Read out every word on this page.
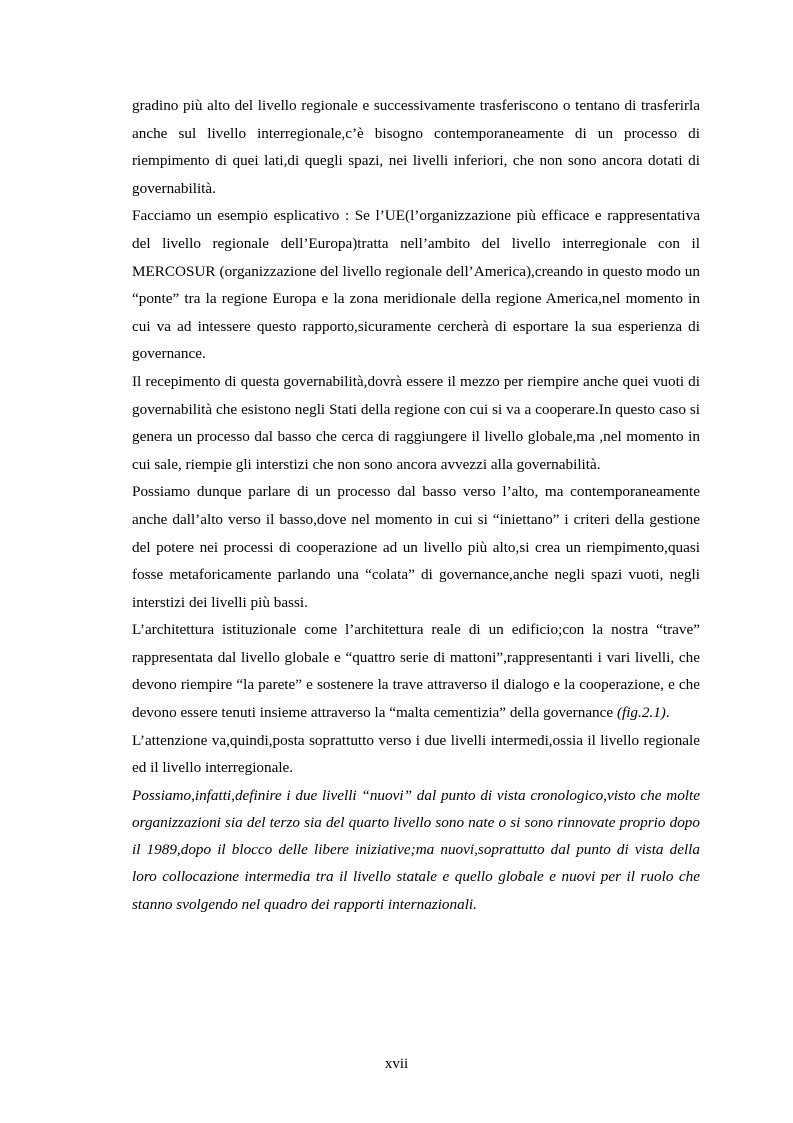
gradino più alto del livello regionale e successivamente trasferiscono o tentano di trasferirla anche sul livello interregionale,c’è bisogno contemporaneamente di un processo di riempimento di quei lati,di quegli spazi, nei livelli inferiori, che non sono ancora dotati di governabilità.

Facciamo un esempio esplicativo : Se l’UE(l’organizzazione più efficace e rappresentativa del livello regionale dell’Europa)tratta nell’ambito del livello interregionale con il MERCOSUR (organizzazione del livello regionale dell’America),creando in questo modo un “ponte” tra la regione Europa e la zona meridionale della regione America,nel momento in cui va ad intessere questo rapporto,sicuramente cercherà di esportare la sua esperienza di governance.

Il recepimento di questa governabilità,dovrà essere il mezzo per riempire anche quei vuoti di governabilità che esistono negli Stati della regione con cui si va a cooperare.In questo caso si genera un processo dal basso che cerca di raggiungere il livello globale,ma ,nel momento in cui sale, riempie gli interstizi che non sono ancora avvezzi alla governabilità.

Possiamo dunque parlare di un processo dal basso verso l’alto, ma contemporaneamente anche dall’alto verso il basso,dove nel momento in cui si “iniettano” i criteri della gestione del potere nei processi di cooperazione ad un livello più alto,si crea un riempimento,quasi fosse metaforicamente parlando una “colata” di governance,anche negli spazi vuoti, negli interstizi dei livelli più bassi.

L’architettura istituzionale come l’architettura reale di un edificio;con la nostra “trave” rappresentata dal livello globale e “quattro serie di mattoni”,rappresentanti i vari livelli, che devono riempire “la parete” e sostenere la trave attraverso il dialogo e la cooperazione, e che devono essere tenuti insieme attraverso la “malta cementizia” della governance (fig.2.1).

L’attenzione va,quindi,posta soprattutto verso i due livelli intermedi,ossia il livello regionale ed il livello interregionale.

Possiamo,infatti,definire i due livelli “nuovi” dal punto di vista cronologico,visto che molte organizzazioni sia del terzo sia del quarto livello sono nate o si sono rinnovate proprio dopo il 1989,dopo il blocco delle libere iniziative;ma nuovi,soprattutto dal punto di vista della loro collocazione intermedia tra il livello statale e quello globale e nuovi per il ruolo che stanno svolgendo nel quadro dei rapporti internazionali.

xvii
